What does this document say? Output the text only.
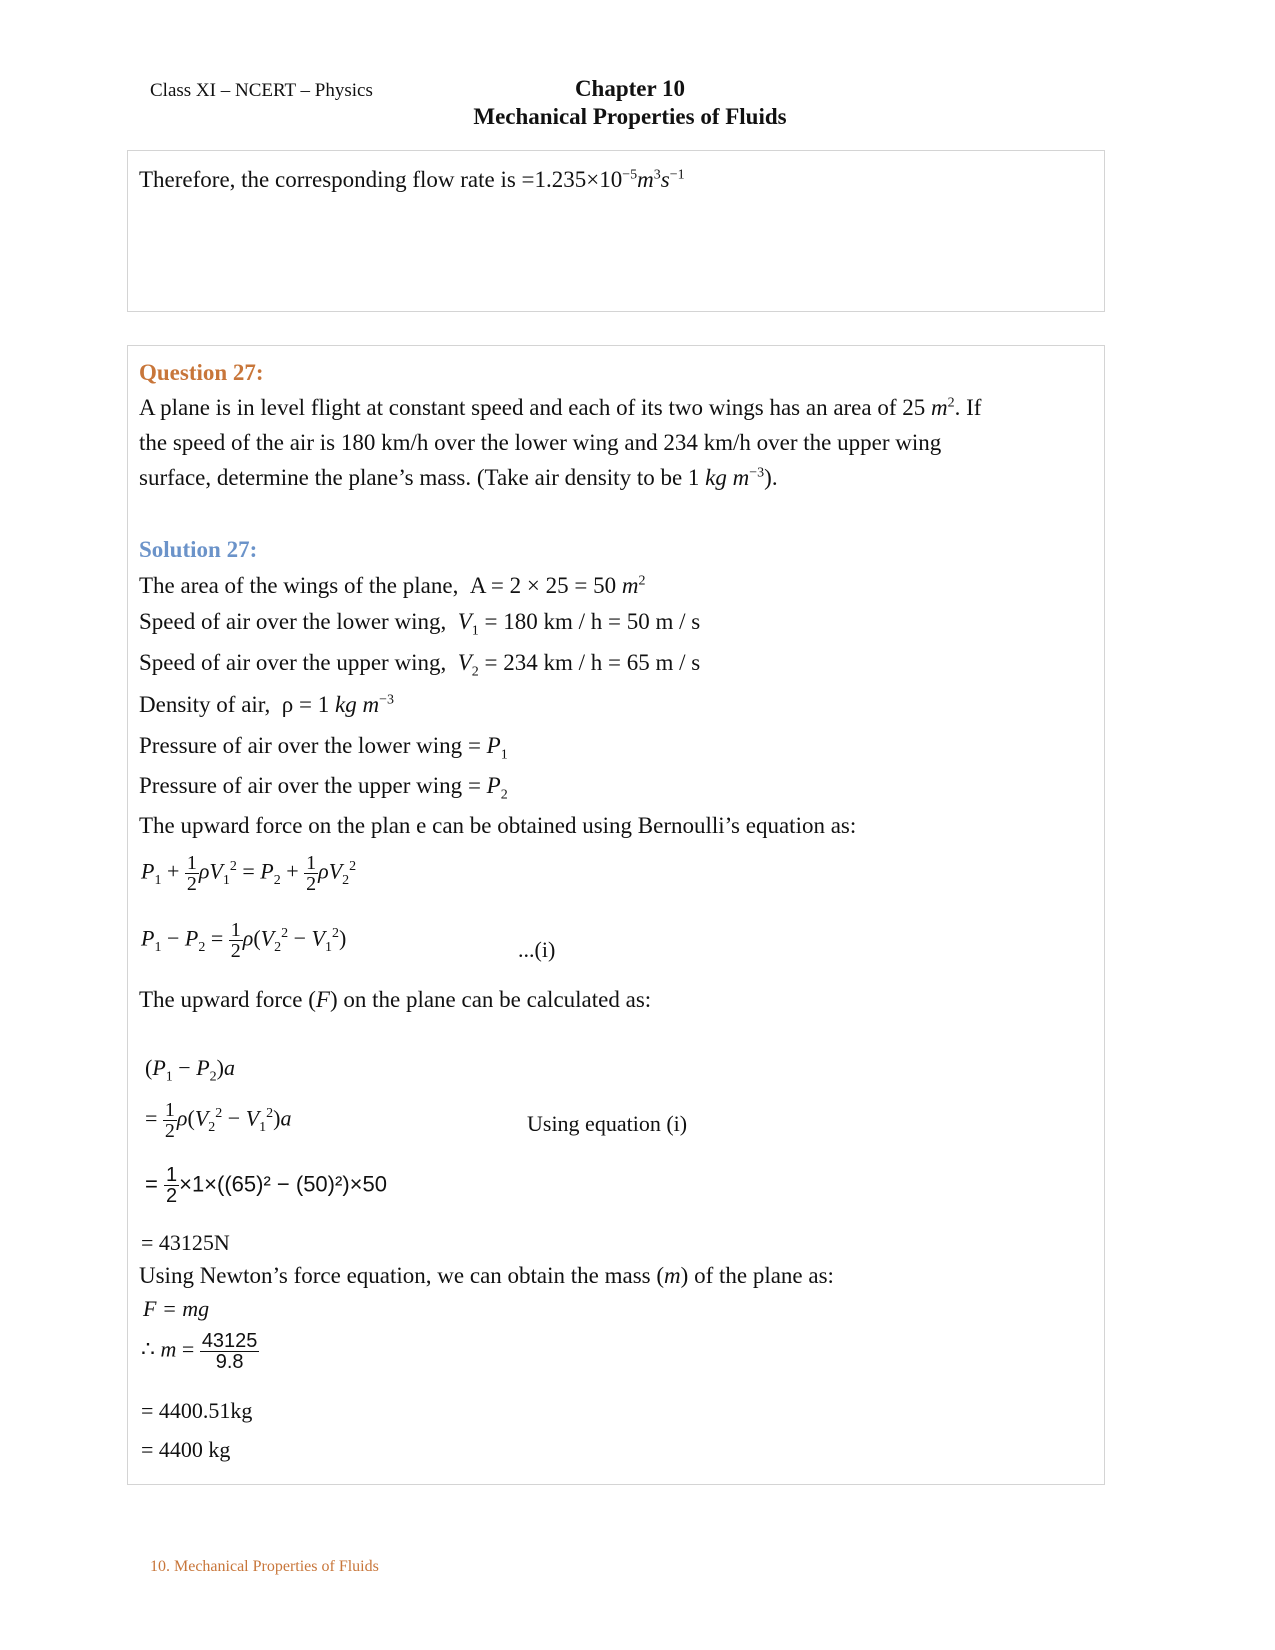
Class XI – NCERT – Physics	Chapter 10
Mechanical Properties of Fluids
Therefore, the corresponding flow rate is $=1.235\times 10^{-5}m^3s^{-1}$
Question 27:
A plane is in level flight at constant speed and each of its two wings has an area of 25 $m^2$. If
the speed of the air is 180 km/h over the lower wing and 234 km/h over the upper wing
surface, determine the plane’s mass. (Take air density to be 1 kg $m^{-3}$).
Solution 27:
The area of the wings of the plane, A = 2 × 25 = 50 $m^2$
Speed of air over the lower wing, $V_1 = 180$ km / h = 50 m / s
Speed of air over the upper wing, $V_2 = 234$ km / h = 65 m / s
Density of air, ρ = 1 kg $m^{-3}$
Pressure of air over the lower wing = $P_1$
Pressure of air over the upper wing = $P_2$
The upward force on the plan e can be obtained using Bernoulli’s equation as:
$P_1 + \frac{1}{2} \rho V_1^2 = P_2 + \frac{1}{2} \rho V_2^2$
$P_1 - P_2 = \frac{1}{2} \rho(V_2^2 - V_1^2)$	...(i)
The upward force (F) on the plane can be calculated as:
$(P_1 - P_2)a$
= $\frac{1}{2} \rho(V_2^2 - V_1^2)a$	Using equation (i)
= $\frac{1}{2} \times 1\times((65)^2 - (50)^2)\times 50$
= 43125N
Using Newton’s force equation, we can obtain the mass (m) of the plane as:
F = mg
∴ $m = \frac{43125}{9.8}$
= 4400.51kg
= 4400 kg
10. Mechanical Properties of Fluids
